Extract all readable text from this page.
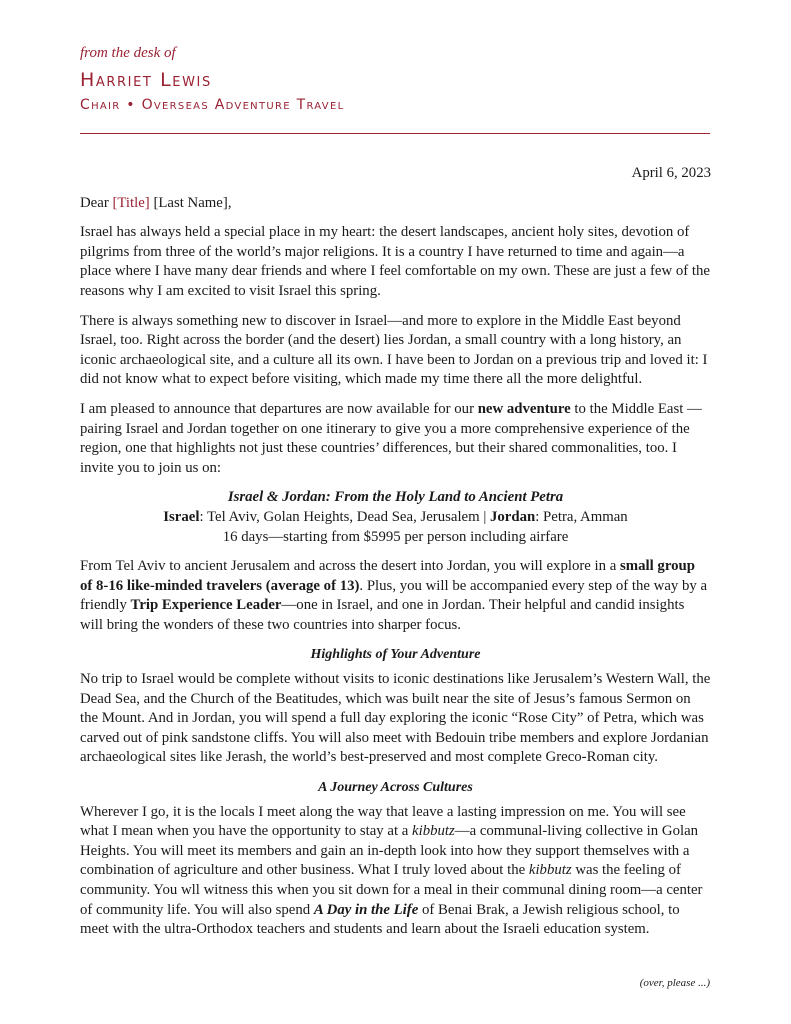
from the desk of
Harriet Lewis
Chair • Overseas Adventure Travel
April 6, 2023
Dear [Title] [Last Name],

Israel has always held a special place in my heart: the desert landscapes, ancient holy sites, devotion of pilgrims from three of the world’s major religions. It is a country I have returned to time and again—a place where I have many dear friends and where I feel comfortable on my own. These are just a few of the reasons why I am excited to visit Israel this spring.

There is always something new to discover in Israel—and more to explore in the Middle East beyond Israel, too. Right across the border (and the desert) lies Jordan, a small country with a long history, an iconic archaeological site, and a culture all its own. I have been to Jordan on a previous trip and loved it: I did not know what to expect before visiting, which made my time there all the more delightful.

I am pleased to announce that departures are now available for our new adventure to the Middle East —pairing Israel and Jordan together on one itinerary to give you a more comprehensive experience of the region, one that highlights not just these countries’ differences, but their shared commonalities, too. I invite you to join us on:

Israel & Jordan: From the Holy Land to Ancient Petra
Israel: Tel Aviv, Golan Heights, Dead Sea, Jerusalem | Jordan: Petra, Amman
16 days—starting from $5995 per person including airfare

From Tel Aviv to ancient Jerusalem and across the desert into Jordan, you will explore in a small group of 8-16 like-minded travelers (average of 13). Plus, you will be accompanied every step of the way by a friendly Trip Experience Leader—one in Israel, and one in Jordan. Their helpful and candid insights will bring the wonders of these two countries into sharper focus.

Highlights of Your Adventure

No trip to Israel would be complete without visits to iconic destinations like Jerusalem’s Western Wall, the Dead Sea, and the Church of the Beatitudes, which was built near the site of Jesus’s famous Sermon on the Mount. And in Jordan, you will spend a full day exploring the iconic “Rose City” of Petra, which was carved out of pink sandstone cliffs. You will also meet with Bedouin tribe members and explore Jordanian archaeological sites like Jerash, the world’s best-preserved and most complete Greco-Roman city.

A Journey Across Cultures

Wherever I go, it is the locals I meet along the way that leave a lasting impression on me. You will see what I mean when you have the opportunity to stay at a kibbutz—a communal-living collective in Golan Heights. You will meet its members and gain an in-depth look into how they support themselves with a combination of agriculture and other business. What I truly loved about the kibbutz was the feeling of community. You wll witness this when you sit down for a meal in their communal dining room—a center of community life. You will also spend A Day in the Life of Benai Brak, a Jewish religious school, to meet with the ultra-Orthodox teachers and students and learn about the Israeli education system.

(over, please ...)
